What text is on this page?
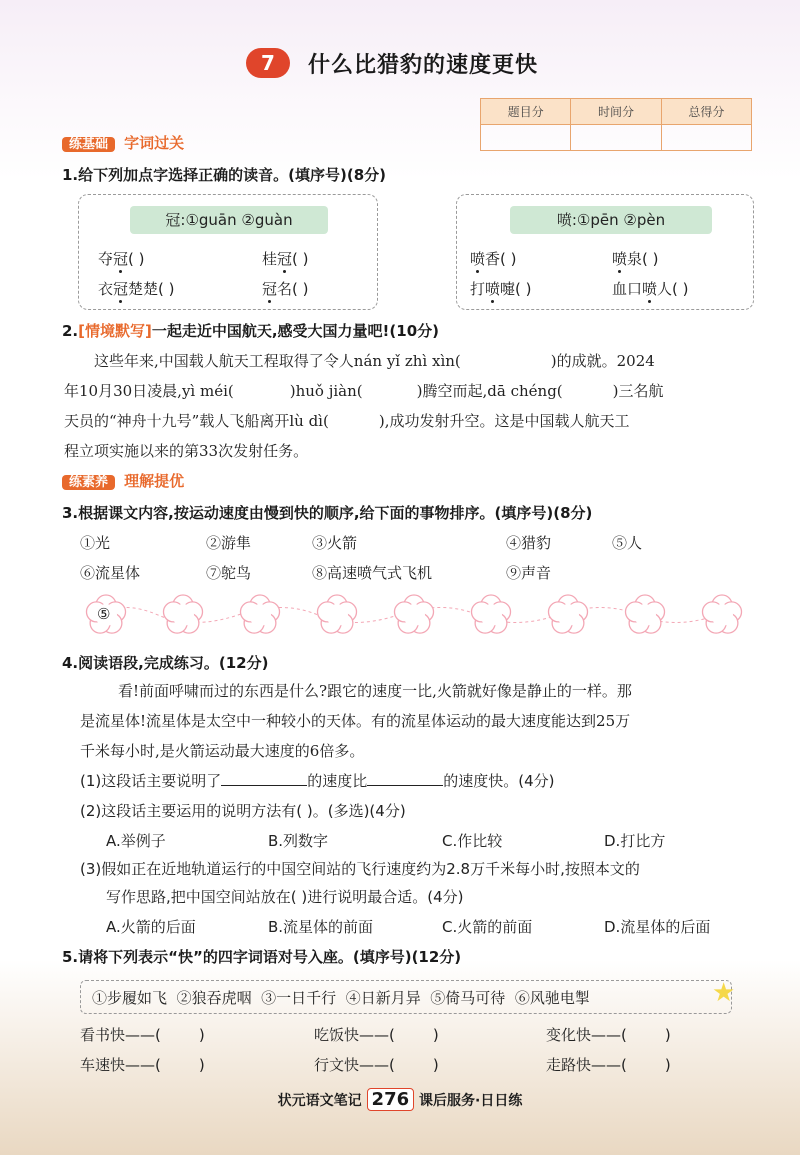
7	什么比猎豹的速度更快
题目分	时间分	总得分

练基础 字词过关
1.给下列加点字选择正确的读音。(填序号)(8分)
冠:①guān ②guàn
夺冠( )	桂冠( )
衣冠楚楚( )	冠名( )
喷:①pēn ②pèn
喷香( )	喷泉( )
打喷嚏( )	血口喷人( )
2.[情境默写]一起走近中国航天,感受大国力量吧!(10分)
这些年来,中国载人航天工程取得了令人nán yǐ zhì xìn(	)的成就。2024
年10月30日凌晨,yì méi(	)huǒ jiàn(	)腾空而起,dā chéng(	)三名航
天员的“神舟十九号”载人飞船离开lù dì(	),成功发射升空。这是中国载人航天工
程立项实施以来的第33次发射任务。
练素养 理解提优
3.根据课文内容,按运动速度由慢到快的顺序,给下面的事物排序。(填序号)(8分)
①光	②游隼	③火箭	④猎豹	⑤人
⑥流星体	⑦鸵鸟	⑧高速喷气式飞机	⑨声音
⑤
4.阅读语段,完成练习。(12分)
看!前面呼啸而过的东西是什么?跟它的速度一比,火箭就好像是静止的一样。那
是流星体!流星体是太空中一种较小的天体。有的流星体运动的最大速度能达到25万
千米每小时,是火箭运动最大速度的6倍多。
(1)这段话主要说明了	的速度比	的速度快。(4分)
(2)这段话主要运用的说明方法有( )。(多选)(4分)
A.举例子	B.列数字	C.作比较	D.打比方
(3)假如正在近地轨道运行的中国空间站的飞行速度约为2.8万千米每小时,按照本文的
写作思路,把中国空间站放在( )进行说明最合适。(4分)
A.火箭的后面	B.流星体的前面	C.火箭的前面	D.流星体的后面
5.请将下列表示“快”的四字词语对号入座。(填序号)(12分)
①步履如飞 ②狼吞虎咽 ③一日千行 ④日新月异 ⑤倚马可待 ⑥风驰电掣	★
看书快——(	)	吃饭快——(	)	变化快——(	)
车速快——(	)	行文快——(	)	走路快——(	)
状元语文笔记 276 课后服务·日日练
